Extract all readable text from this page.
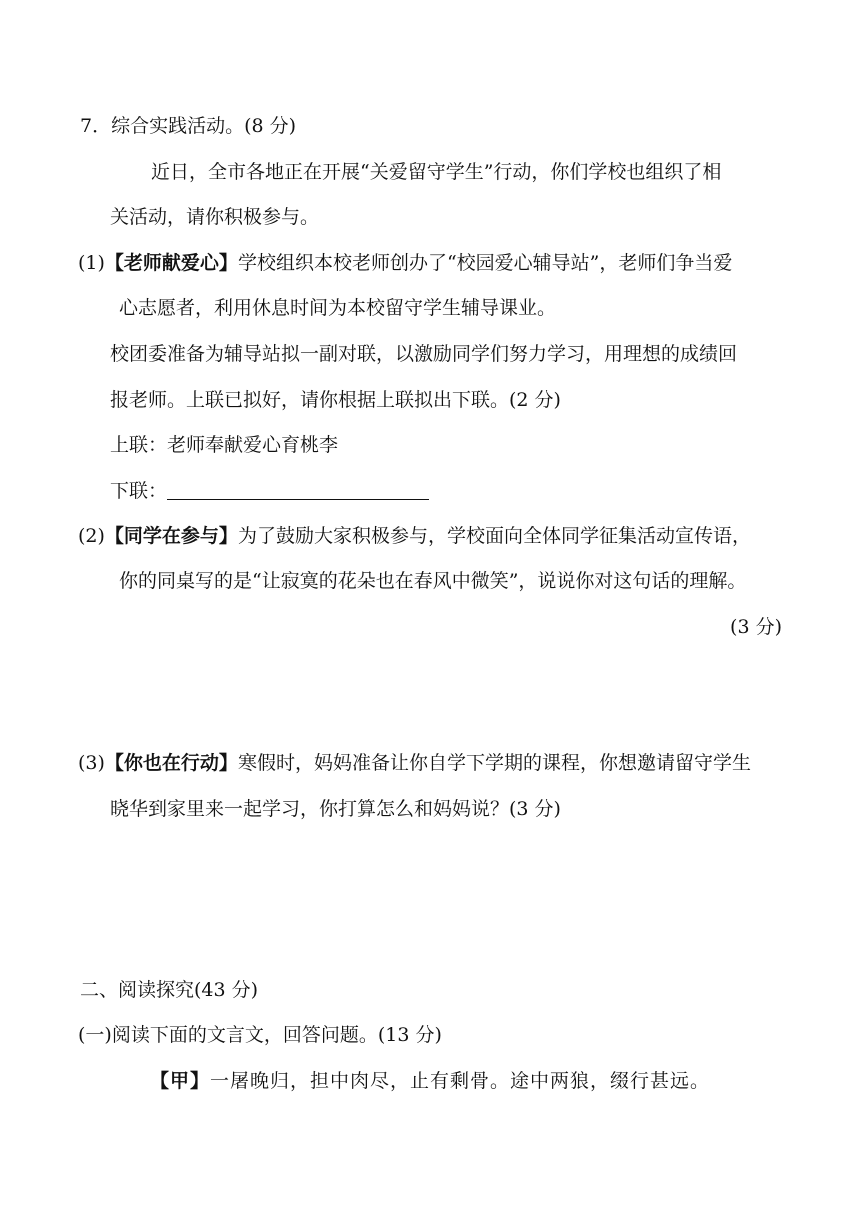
7．综合实践活动。(8 分)
近日，全市各地正在开展“关爱留守学生”行动，你们学校也组织了相
关活动，请你积极参与。
(1)【老师献爱心】学校组织本校老师创办了“校园爱心辅导站”，老师们争当爱
心志愿者，利用休息时间为本校留守学生辅导课业。
校团委准备为辅导站拟一副对联，以激励同学们努力学习，用理想的成绩回
报老师。上联已拟好，请你根据上联拟出下联。(2 分)
上联：老师奉献爱心育桃李
下联：
(2)【同学在参与】为了鼓励大家积极参与，学校面向全体同学征集活动宣传语，
你的同桌写的是“让寂寞的花朵也在春风中微笑”，说说你对这句话的理解。
(3 分)
(3)【你也在行动】寒假时，妈妈准备让你自学下学期的课程，你想邀请留守学生
晓华到家里来一起学习，你打算怎么和妈妈说？(3 分)
二、阅读探究(43 分)
(一)阅读下面的文言文，回答问题。(13 分)
【甲】一屠晚归，担中肉尽，止有剩骨。途中两狼，缀行甚远。
